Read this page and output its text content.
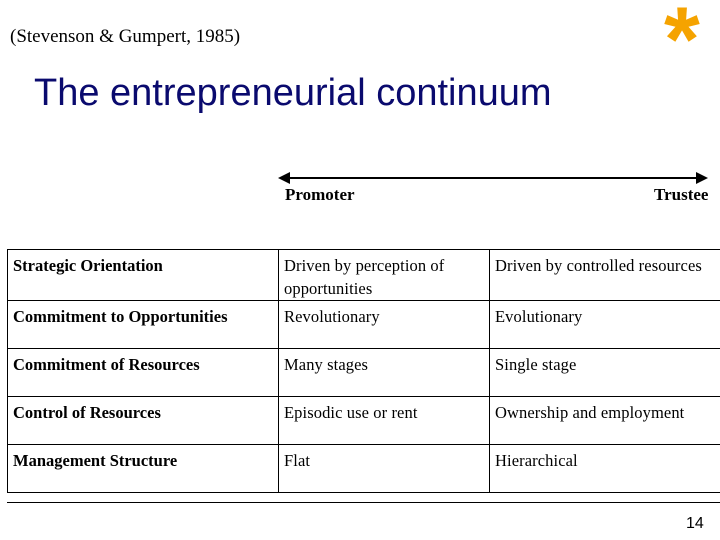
(Stevenson & Gumpert, 1985)	*
The entrepreneurial continuum
Promoter	Trustee
Strategic Orientation	Driven by perception of opportunities	Driven by controlled resources
Commitment to Opportunities	Revolutionary	Evolutionary
Commitment of Resources	Many stages	Single stage
Control of Resources	Episodic use or rent	Ownership and employment
Management Structure	Flat	Hierarchical
14
